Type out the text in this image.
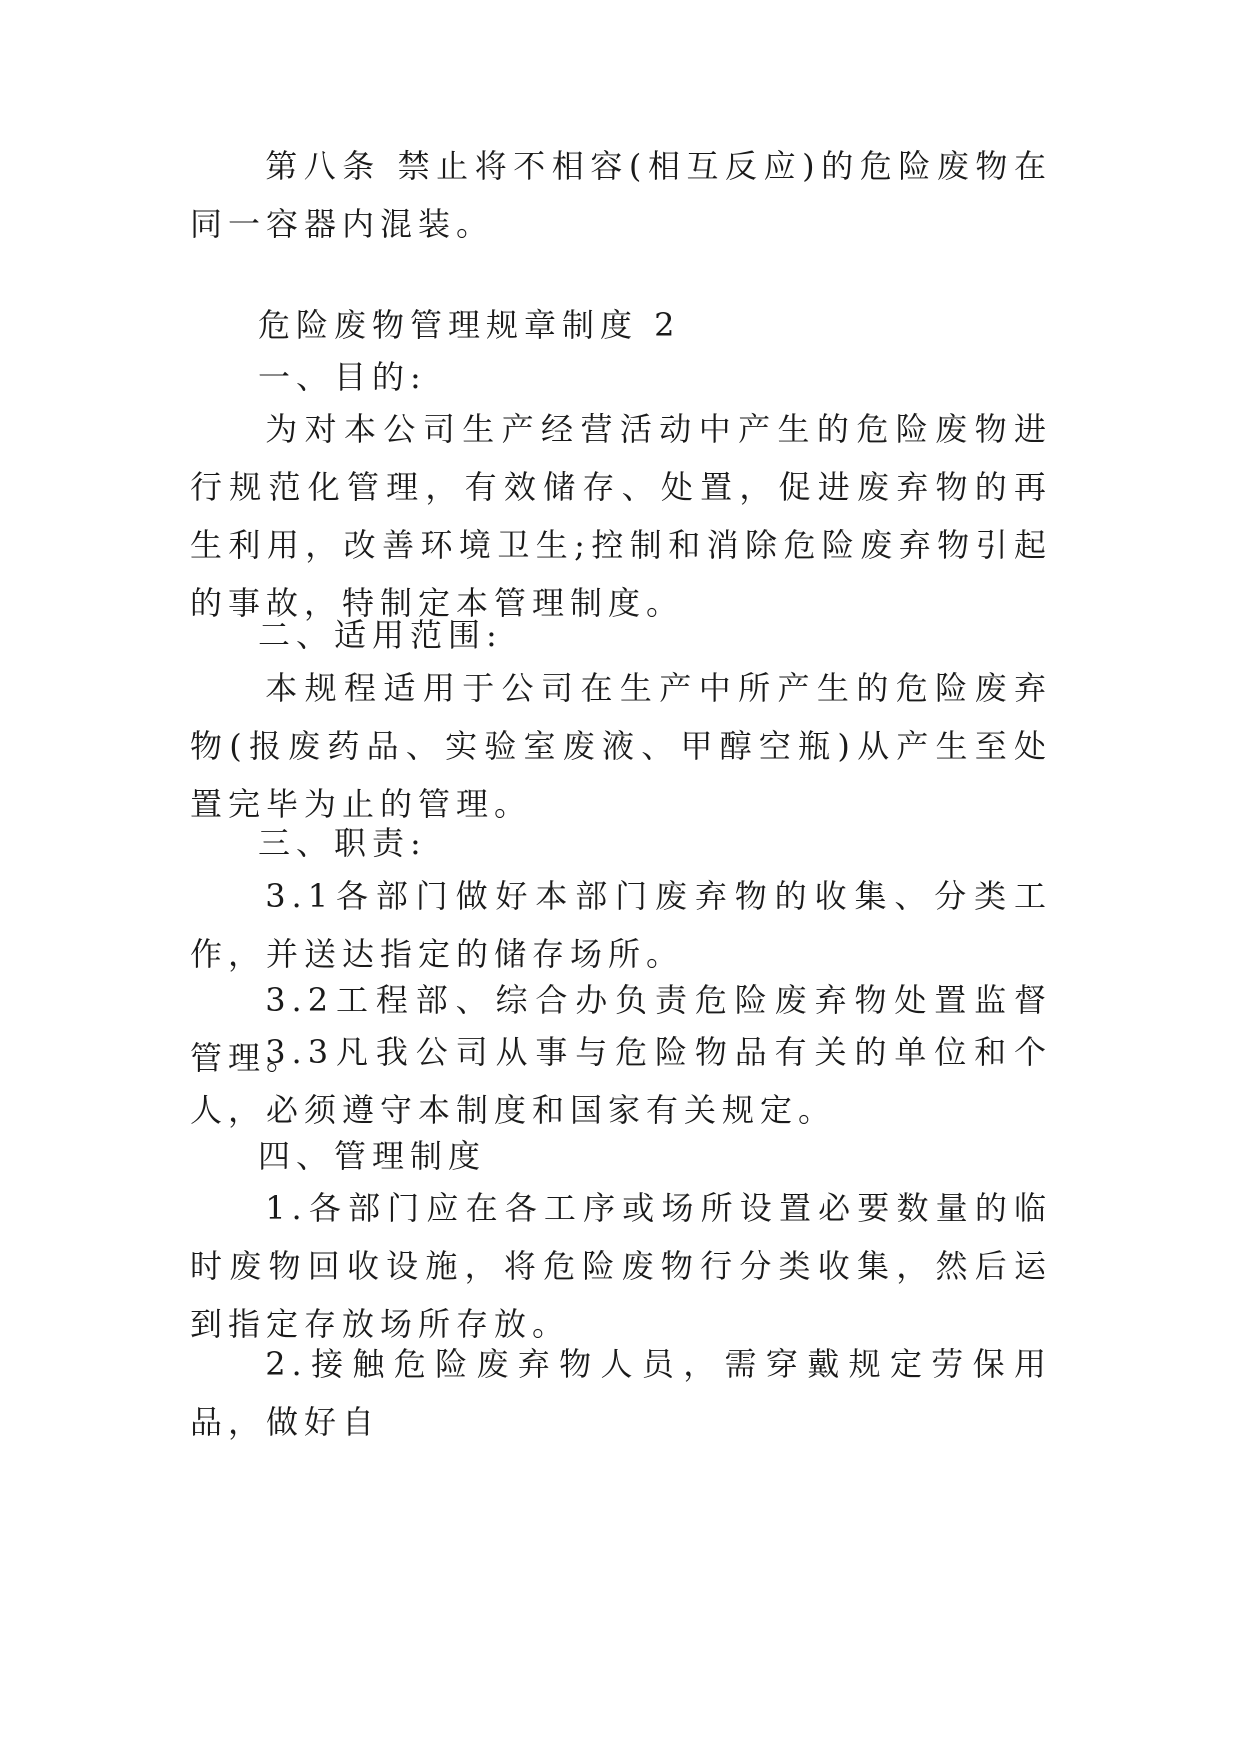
第八条 禁止将不相容(相互反应)的危险废物在同一容器内混装。

危险废物管理规章制度 2

一、目的:

为对本公司生产经营活动中产生的危险废物进行规范化管理，有效储存、处置，促进废弃物的再生利用，改善环境卫生;控制和消除危险废弃物引起的事故，特制定本管理制度。

二、适用范围:

本规程适用于公司在生产中所产生的危险废弃物(报废药品、实验室废液、甲醇空瓶)从产生至处置完毕为止的管理。

三、职责:

3.1各部门做好本部门废弃物的收集、分类工作，并送达指定的储存场所。

3.2工程部、综合办负责危险废弃物处置监督管理。

3.3凡我公司从事与危险物品有关的单位和个人，必须遵守本制度和国家有关规定。

四、管理制度

1.各部门应在各工序或场所设置必要数量的临时废物回收设施，将危险废物行分类收集，然后运到指定存放场所存放。

2.接触危险废弃物人员，需穿戴规定劳保用品，做好自
